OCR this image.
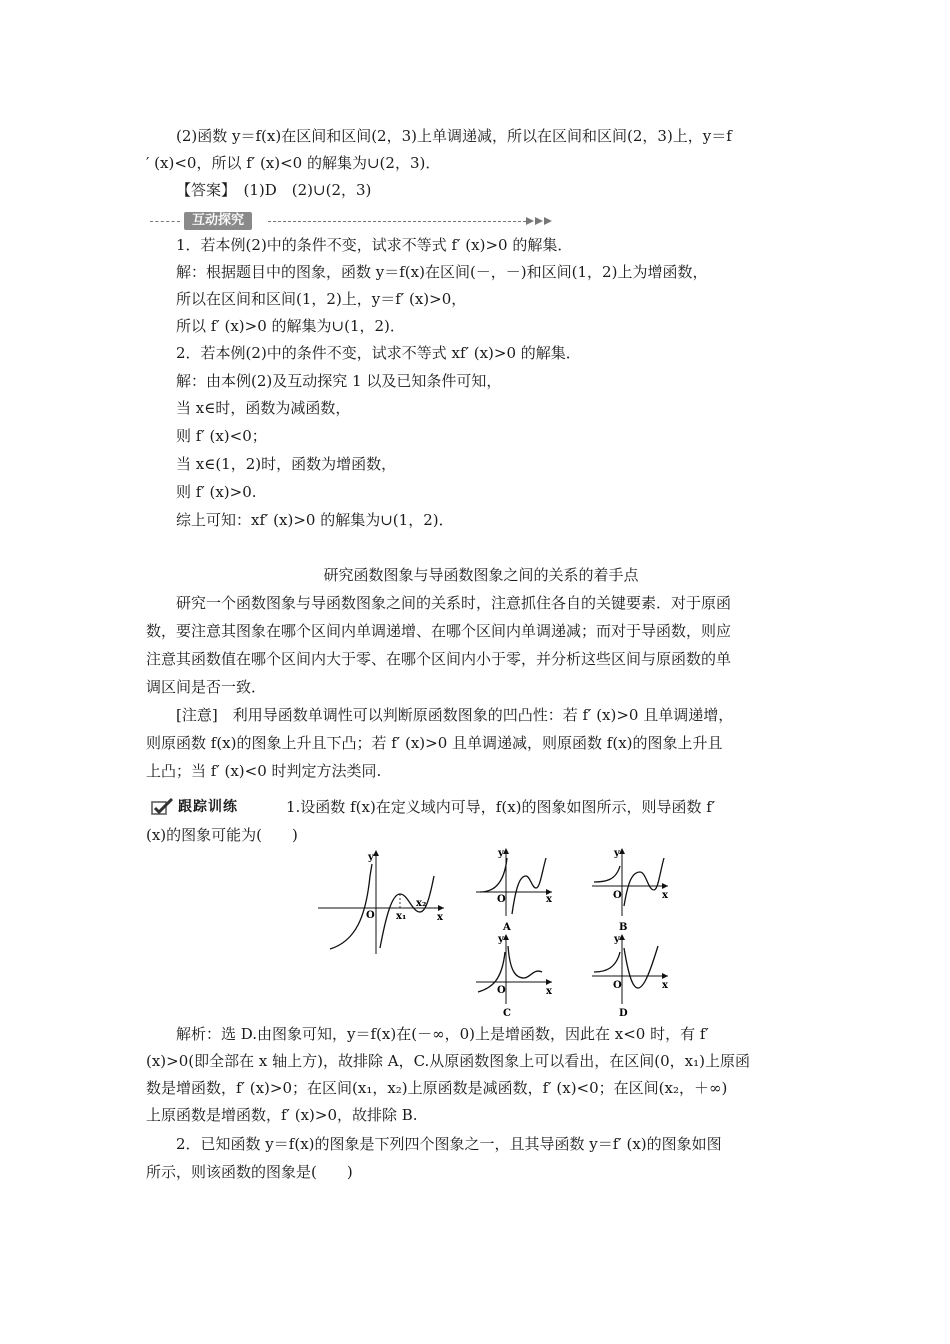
(2)函数 y＝f(x)在区间和区间(2，3)上单调递减，所以在区间和区间(2，3)上，y＝f
′ (x)<0，所以 f′ (x)<0 的解集为∪(2，3)．
【答案】　(1)D　(2)∪(2，3)
互动探究
1．若本例(2)中的条件不变，试求不等式 f′ (x)>0 的解集．
解：根据题目中的图象，函数 y＝f(x)在区间(－，－)和区间(1，2)上为增函数，
所以在区间和区间(1，2)上，y＝f′ (x)>0，
所以 f′ (x)>0 的解集为∪(1，2)．
2．若本例(2)中的条件不变，试求不等式 xf′ (x)>0 的解集．
解：由本例(2)及互动探究 1 以及已知条件可知，
当 x∈时，函数为减函数，
则 f′ (x)<0；
当 x∈(1，2)时，函数为增函数，
则 f′ (x)>0.
综上可知：xf′ (x)>0 的解集为∪(1，2)．
研究函数图象与导函数图象之间的关系的着手点
研究一个函数图象与导函数图象之间的关系时，注意抓住各自的关键要素．对于原函
数，要注意其图象在哪个区间内单调递增、在哪个区间内单调递减；而对于导函数，则应
注意其函数值在哪个区间内大于零、在哪个区间内小于零，并分析这些区间与原函数的单
调区间是否一致．
[注意]　利用导函数单调性可以判断原函数图象的凹凸性：若 f′ (x)>0 且单调递增，
则原函数 f(x)的图象上升且下凸；若 f′ (x)>0 且单调递减，则原函数 f(x)的图象上升且
上凸；当 f′ (x)<0 时判定方法类同.
跟踪训练	1.设函数 f(x)在定义域内可导，f(x)的图象如图所示，则导函数 f′
(x)的图象可能为(　　)
y
x
O x₁
x₂
y
x
O
A
y
x
O
B
y
x
O
C
y
x
O
D
解析：选 D.由图象可知，y＝f(x)在(－∞，0)上是增函数，因此在 x<0 时，有 f′
(x)>0(即全部在 x 轴上方)，故排除 A，C.从原函数图象上可以看出，在区间(0，x₁)上原函
数是增函数，f′ (x)>0；在区间(x₁，x₂)上原函数是减函数，f′ (x)<0；在区间(x₂，＋∞)
上原函数是增函数，f′ (x)>0，故排除 B.
2．已知函数 y＝f(x)的图象是下列四个图象之一，且其导函数 y＝f′ (x)的图象如图
所示，则该函数的图象是(　　)
